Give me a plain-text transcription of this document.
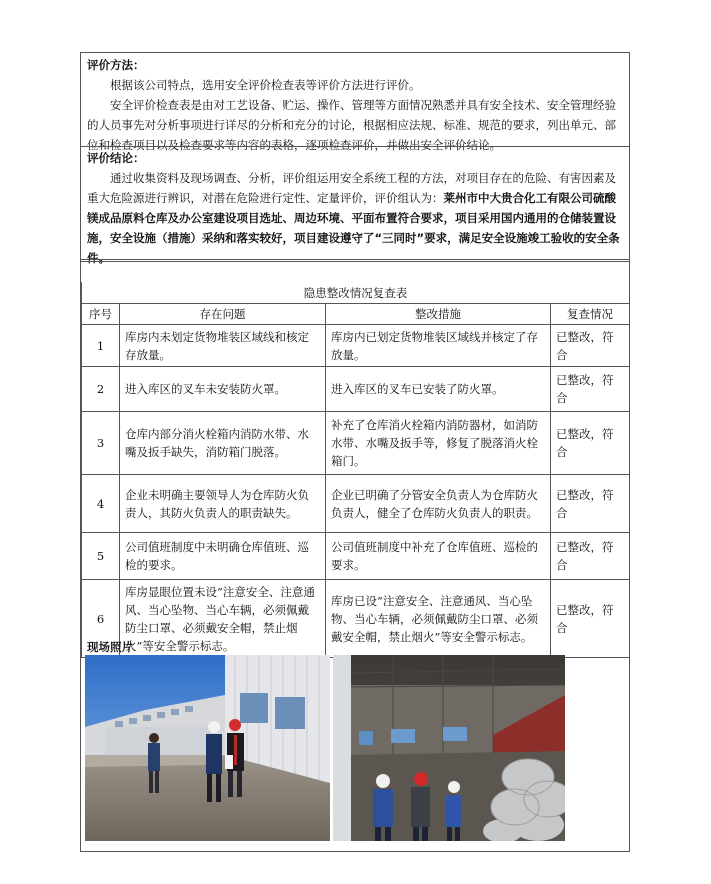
评价方法：

根据该公司特点，选用安全评价检查表等评价方法进行评价。

安全评价检查表是由对工艺设备、贮运、操作、管理等方面情况熟悉并具有安全技术、安全管理经验的人员事先对分析事项进行详尽的分析和充分的讨论，根据相应法规、标准、规范的要求，列出单元、部位和检查项目以及检查要求等内容的表格，逐项检查评价，并做出安全评价结论。

评价结论：

通过收集资料及现场调查、分析，评价组运用安全系统工程的方法，对项目存在的危险、有害因素及重大危险源进行辨识，对潜在危险进行定性、定量评价，评价组认为：莱州市中大贵合化工有限公司硫酸镁成品原料仓库及办公室建设项目选址、周边环境、平面布置符合要求，项目采用国内通用的仓储装置设施，安全设施（措施）采纳和落实较好，项目建设遵守了“三同时”要求，满足安全设施竣工验收的安全条件。

隐患整改情况复查表			
序号	存在问题	整改措施	复查情况
1	库房内未划定货物堆装区域线和核定存放量。	库房内已划定货物堆装区域线并核定了存放量。	已整改，符合
2	进入库区的叉车未安装防火罩。	进入库区的叉车已安装了防火罩。	已整改，符合
3	仓库内部分消火栓箱内消防水带、水嘴及扳手缺失，消防箱门脱落。	补充了仓库消火栓箱内消防器材，如消防水带、水嘴及扳手等，修复了脱落消火栓箱门。	已整改，符合
4	企业未明确主要领导人为仓库防火负责人，其防火负责人的职责缺失。	企业已明确了分管安全负责人为仓库防火负责人，健全了仓库防火负责人的职责。	已整改，符合
5	公司值班制度中未明确仓库值班、巡检的要求。	公司值班制度中补充了仓库值班、巡检的要求。	已整改，符合
6	库房显眼位置未设“注意安全、注意通风、当心坠物、当心车辆，必须佩戴防尘口罩、必须戴安全帽，禁止烟火”等安全警示标志。	库房已设“注意安全、注意通风、当心坠物、当心车辆，必须佩戴防尘口罩、必须戴安全帽，禁止烟火”等安全警示标志。	已整改，符合
现场照片
